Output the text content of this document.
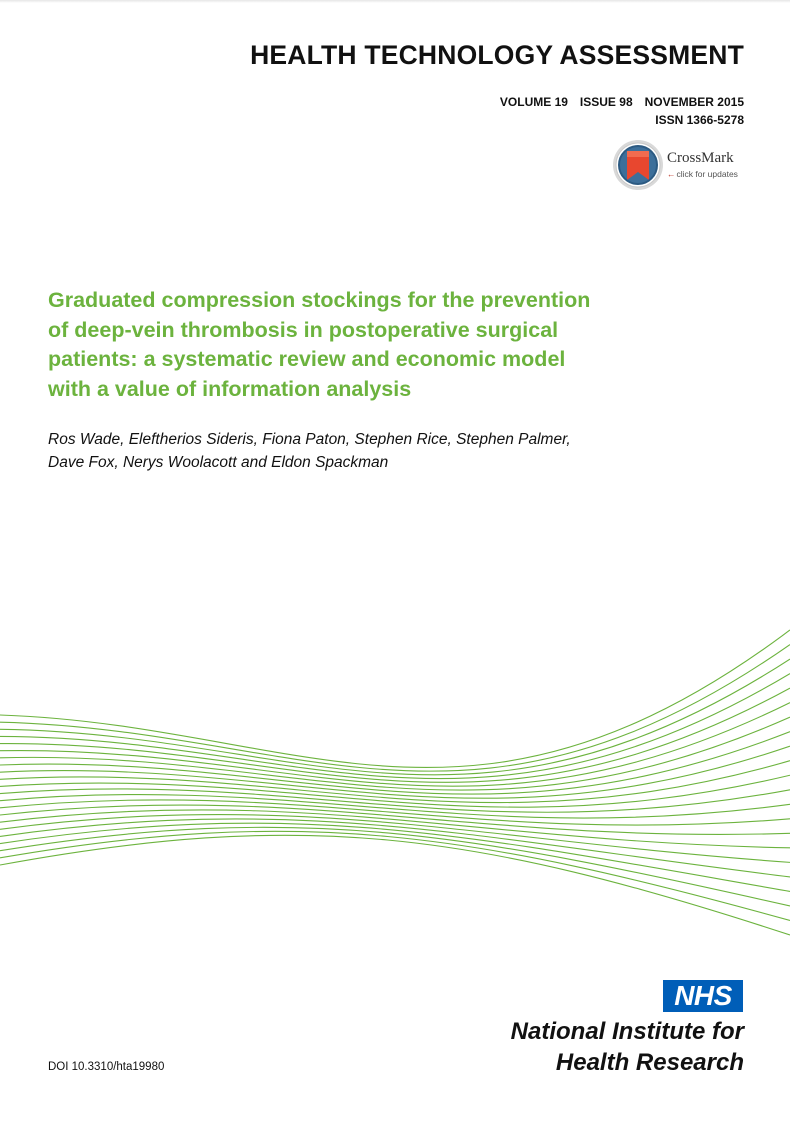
HEALTH TECHNOLOGY ASSESSMENT
VOLUME 19 ISSUE 98 NOVEMBER 2015
ISSN 1366-5278
CrossMark
←click for updates
Graduated compression stockings for the prevention
of deep-vein thrombosis in postoperative surgical
patients: a systematic review and economic model
with a value of information analysis
Ros Wade, Eleftherios Sideris, Fiona Paton, Stephen Rice, Stephen Palmer,
Dave Fox, Nerys Woolacott and Eldon Spackman
NHS
National Institute for
Health Research
DOI 10.3310/hta19980
